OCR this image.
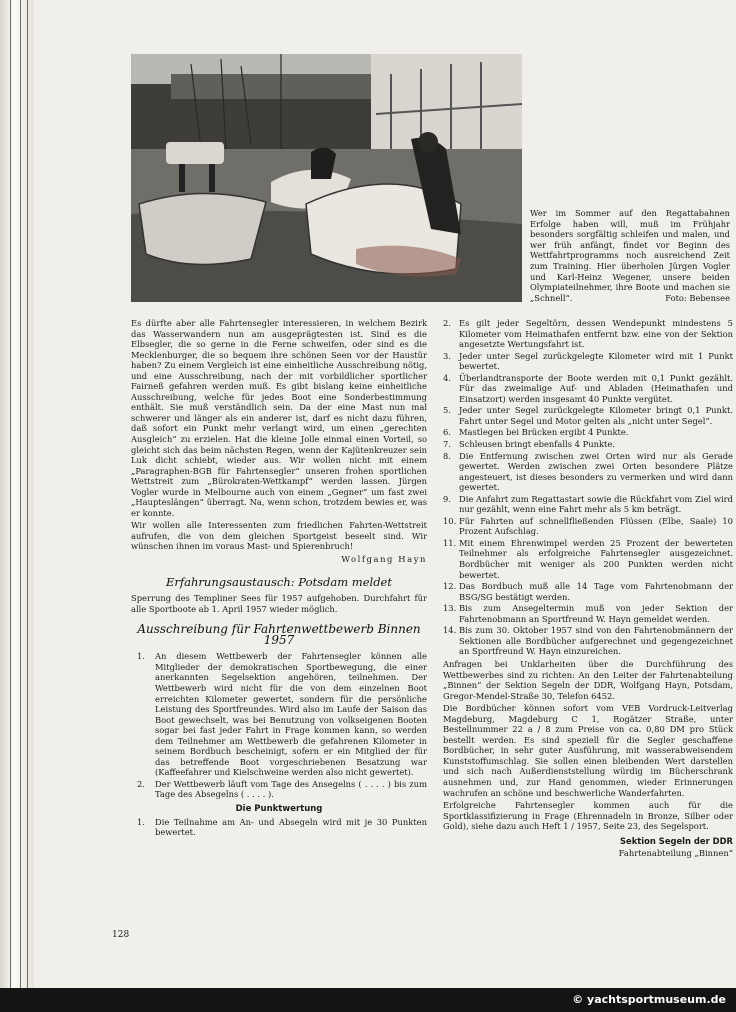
Wer im Sommer auf den Regattabahnen Erfolge haben will, muß im Frühjahr besonders sorgfältig schleifen und malen, und wer früh anfängt, findet vor Beginn des Wettfahrtprogramms noch ausreichend Zeit zum Training. Hier überholen Jürgen Vogler und Karl-Heinz Wegener, unsere beiden Olympiateilnehmer, ihre Boote und machen sie „Schnell“.	Foto: Bebensee

Es dürfte aber alle Fahrtensegler interessieren, in welchem Bezirk das Wasserwandern nun am ausgeprägtesten ist. Sind es die Elbsegler, die so gerne in die Ferne schweifen, oder sind es die Mecklenburger, die so bequem ihre schönen Seen vor der Haustür haben? Zu einem Vergleich ist eine einheitliche Ausschreibung nötig, und eine Ausschreibung, nach der mit vorbildlicher sportlicher Fairneß gefahren werden muß. Es gibt bislang keine einheitliche Ausschreibung, welche für jedes Boot eine Sonderbestimmung enthält. Sie muß verständlich sein. Da der eine Mast nun mal schwerer und länger als ein anderer ist, darf es nicht dazu führen, daß sofort ein Punkt mehr verlangt wird, um einen „gerechten Ausgleich“ zu erzielen. Hat die kleine Jolle einmal einen Vorteil, so gleicht sich das beim nächsten Regen, wenn der Kajütenkreuzer sein Luk dicht schiebt, wieder aus. Wir wollen nicht mit einem „Paragraphen-BGB für Fahrtensegler“ unseren frohen sportlichen Wettstreit zum „Bürokraten-Wettkampf“ werden lassen. Jürgen Vogler wurde in Melbourne auch von einem „Gegner“ um fast zwei „Haupteslängen“ überragt. Na, wenn schon, trotzdem bewies er, was er konnte.

Wir wollen alle Interessenten zum friedlichen Fahrten-Wettstreit aufrufen, die von dem gleichen Sportgeist beseelt sind. Wir wünschen ihnen im voraus Mast- und Spierenbruch!

Wolfgang Hayn

Erfahrungsaustausch: Potsdam meldet

Sperrung des Templiner Sees für 1957 aufgehoben. Durchfahrt für alle Sportboote ab 1. April 1957 wieder möglich.

Ausschreibung für Fahrtenwettbewerb Binnen 1957

1.	An diesem Wettbewerb der Fahrtensegler können alle Mitglieder der demokratischen Sportbewegung, die einer anerkannten Segelsektion angehören, teilnehmen. Der Wettbewerb wird nicht für die von dem einzelnen Boot erreichten Kilometer gewertet, sondern für die persönliche Leistung des Sportfreundes. Wird also im Laufe der Saison das Boot gewechselt, was bei Benutzung von volkseigenen Booten sogar bei fast jeder Fahrt in Frage kommen kann, so werden dem Teilnehmer am Wettbewerb die gefahrenen Kilometer in seinem Bordbuch bescheinigt, sofern er ein Mitglied der für das betreffende Boot vorgeschriebenen Besatzung war (Kaffeefahrer und Kielschweine werden also nicht gewertet).
2.	Der Wettbewerb läuft vom Tage des Ansegelns ( . . . . ) bis zum Tage des Absegelns ( . . . . ).

Die Punktwertung

1.	Die Teilnahme am An- und Absegeln wird mit je 30 Punkten bewertet.
2. Es gilt jeder Segeltörn, dessen Wendepunkt mindestens 5 Kilometer vom Heimathafen entfernt bzw. eine von der Sektion angesetzte Wertungsfahrt ist.
3. Jeder unter Segel zurückgelegte Kilometer wird mit 1 Punkt bewertet.
4. Überlandtransporte der Boote werden mit 0,1 Punkt gezählt. Für das zweimalige Auf- und Abladen (Heimathafen und Einsatzort) werden insgesamt 40 Punkte vergütet.
5. Jeder unter Segel zurückgelegte Kilometer bringt 0,1 Punkt. Fahrt unter Segel und Motor gelten als „nicht unter Segel“.
6. Mastlegen bei Brücken ergibt 4 Punkte.
7. Schleusen bringt ebenfalls 4 Punkte.
8. Die Entfernung zwischen zwei Orten wird nur als Gerade gewertet. Werden zwischen zwei Orten besondere Plätze angesteuert, ist dieses besonders zu vermerken und wird dann gewertet.
9. Die Anfahrt zum Regattastart sowie die Rückfahrt vom Ziel wird nur gezählt, wenn eine Fahrt mehr als 5 km beträgt.
10. Für Fahrten auf schnellfließenden Flüssen (Elbe, Saale) 10 Prozent Aufschlag.
11. Mit einem Ehrenwimpel werden 25 Prozent der bewerteten Teilnehmer als erfolgreiche Fahrtensegler ausgezeichnet. Bordbücher mit weniger als 200 Punkten werden nicht bewertet.
12. Das Bordbuch muß alle 14 Tage vom Fahrtenobmann der BSG/SG bestätigt werden.
13. Bis zum Ansegeltermin muß von jeder Sektion der Fahrtenobmann an Sportfreund W. Hayn gemeldet werden.
14. Bis zum 30. Oktober 1957 sind von den Fahrtenobmännern der Sektionen alle Bordbücher aufgerechnet und gegengezeichnet an Sportfreund W. Hayn einzureichen.

Anfragen bei Unklarheiten über die Durchführung des Wettbewerbes sind zu richten: An den Leiter der Fahrtenabteilung „Binnen“ der Sektion Segeln der DDR, Wolfgang Hayn, Potsdam, Gregor-Mendel-Straße 30, Telefon 6452.

Die Bordbücher können sofort vom VEB Vordruck-Leitverlag Magdeburg, Magdeburg C 1, Rogätzer Straße, unter Bestellnummer 22 a / 8 zum Preise von ca. 0,80 DM pro Stück bestellt werden. Es sind speziell für die Segler geschaffene Bordbücher, in sehr guter Ausführung, mit wasserabweisendem Kunststoffumschlag. Sie sollen einen bleibenden Wert darstellen und sich nach Außerdienststellung würdig im Bücherschrank ausnehmen und, zur Hand genommen, wieder Erinnerungen wachrufen an schöne und beschwerliche Wanderfahrten.

Erfolgreiche Fahrtensegler kommen auch für die Sportklassifizierung in Frage (Ehrennadeln in Bronze, Silber oder Gold), siehe dazu auch Heft 1 / 1957, Seite 23, des Segelsport.

Sektion Segeln der DDR

Fahrtenabteilung „Binnen“

128
© yachtsportmuseum.de
